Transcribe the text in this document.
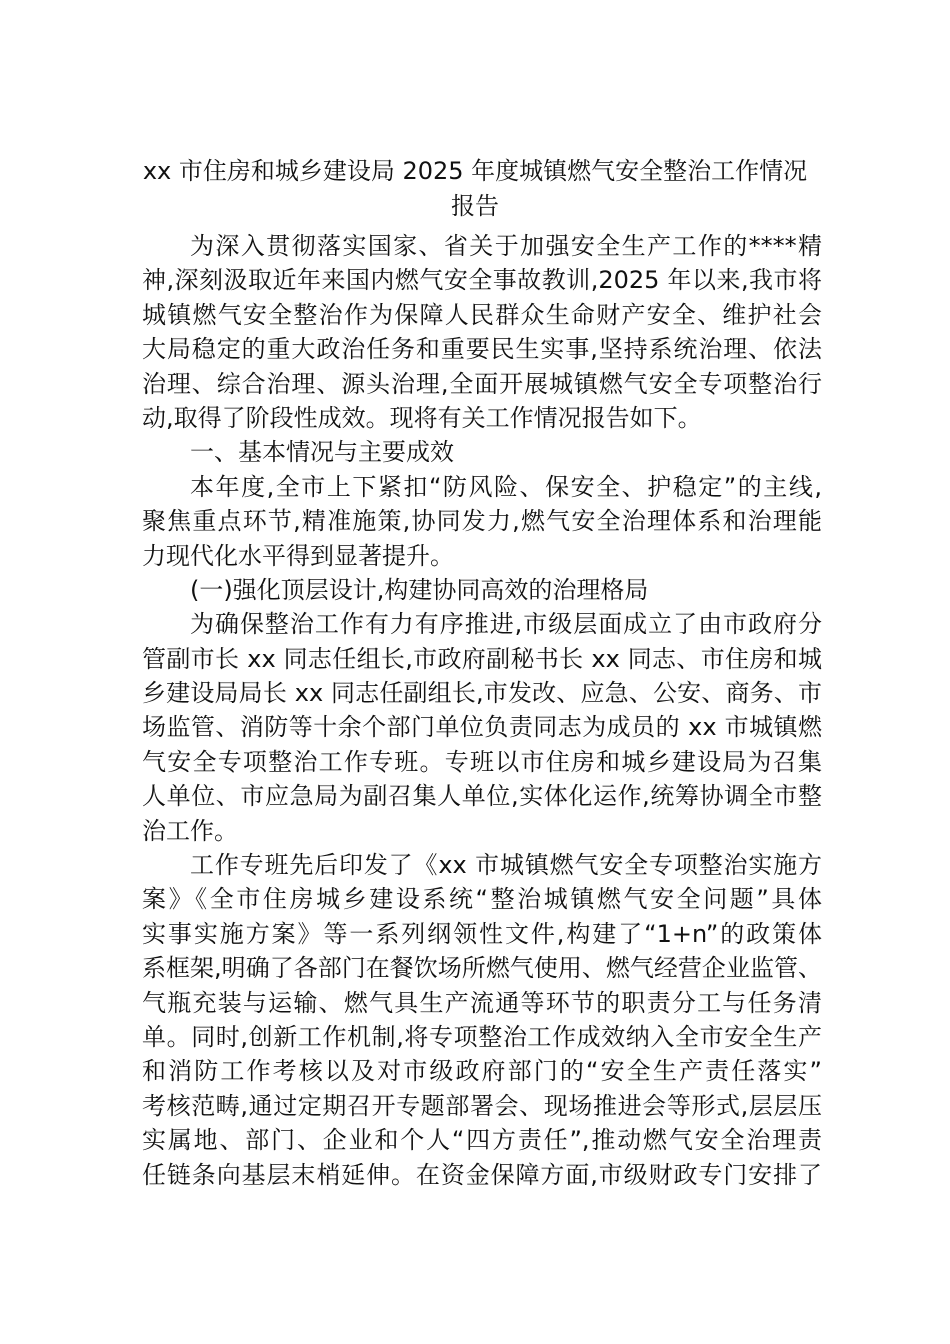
xx 市住房和城乡建设局 2025 年度城镇燃气安全整治工作情况
报告
为深入贯彻落实国家、省关于加强安全生产工作的****精
神,深刻汲取近年来国内燃气安全事故教训,2025 年以来,我市将
城镇燃气安全整治作为保障人民群众生命财产安全、维护社会
大局稳定的重大政治任务和重要民生实事,坚持系统治理、依法
治理、综合治理、源头治理,全面开展城镇燃气安全专项整治行
动,取得了阶段性成效。现将有关工作情况报告如下。
一、基本情况与主要成效
本年度,全市上下紧扣“防风险、保安全、护稳定”的主线,
聚焦重点环节,精准施策,协同发力,燃气安全治理体系和治理能
力现代化水平得到显著提升。
(一)强化顶层设计,构建协同高效的治理格局
为确保整治工作有力有序推进,市级层面成立了由市政府分
管副市长 xx 同志任组长,市政府副秘书长 xx 同志、市住房和城
乡建设局局长 xx 同志任副组长,市发改、应急、公安、商务、市
场监管、消防等十余个部门单位负责同志为成员的 xx 市城镇燃
气安全专项整治工作专班。专班以市住房和城乡建设局为召集
人单位、市应急局为副召集人单位,实体化运作,统筹协调全市整
治工作。
工作专班先后印发了《xx 市城镇燃气安全专项整治实施方
案》《全市住房城乡建设系统“整治城镇燃气安全问题”具体
实事实施方案》等一系列纲领性文件,构建了“1+n”的政策体
系框架,明确了各部门在餐饮场所燃气使用、燃气经营企业监管、
气瓶充装与运输、燃气具生产流通等环节的职责分工与任务清
单。同时,创新工作机制,将专项整治工作成效纳入全市安全生产
和消防工作考核以及对市级政府部门的“安全生产责任落实”
考核范畴,通过定期召开专题部署会、现场推进会等形式,层层压
实属地、部门、企业和个人“四方责任”,推动燃气安全治理责
任链条向基层末梢延伸。在资金保障方面,市级财政专门安排了
